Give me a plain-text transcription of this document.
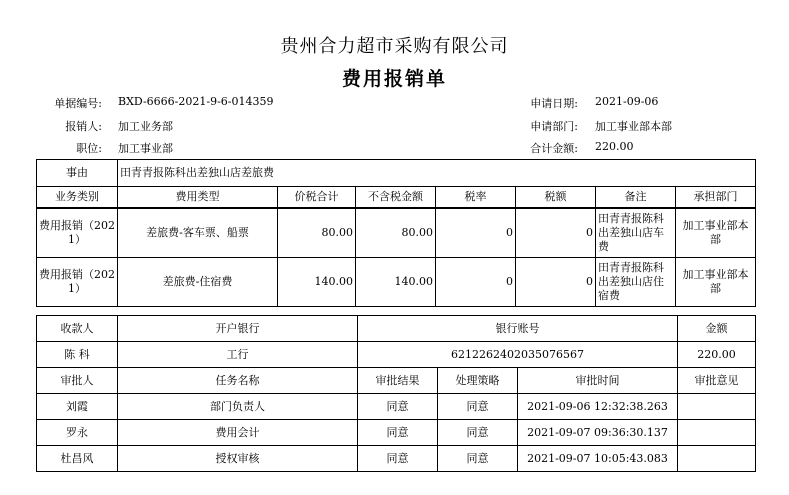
贵州合力超市采购有限公司
费用报销单
单据编号: BXD-6666-2021-9-6-014359
报销人: 加工业务部
职位: 加工事业部
申请日期: 2021-09-06
申请部门: 加工事业部本部
合计金额: 220.00
事由	田青青报陈科出差独山店差旅费						
业务类别	费用类型	价税合计	不含税金额	税率	税额	备注	承担部门
费用报销（2021）	差旅费-客车票、船票	80.00	80.00	0	0	田青青报陈科出差独山店车费	加工事业部本部
费用报销（2021）	差旅费-住宿费	140.00	140.00	0	0	田青青报陈科出差独山店住宿费	加工事业部本部
收款人	开户银行	银行账号			金额
陈 科	工行	6212262402035076567			220.00
审批人	任务名称	审批结果	处理策略	审批时间	审批意见
刘霞	部门负责人	同意	同意	2021-09-06 12:32:38.263	
罗永	费用会计	同意	同意	2021-09-07 09:36:30.137	
杜昌风	授权审核	同意	同意	2021-09-07 10:05:43.083	
